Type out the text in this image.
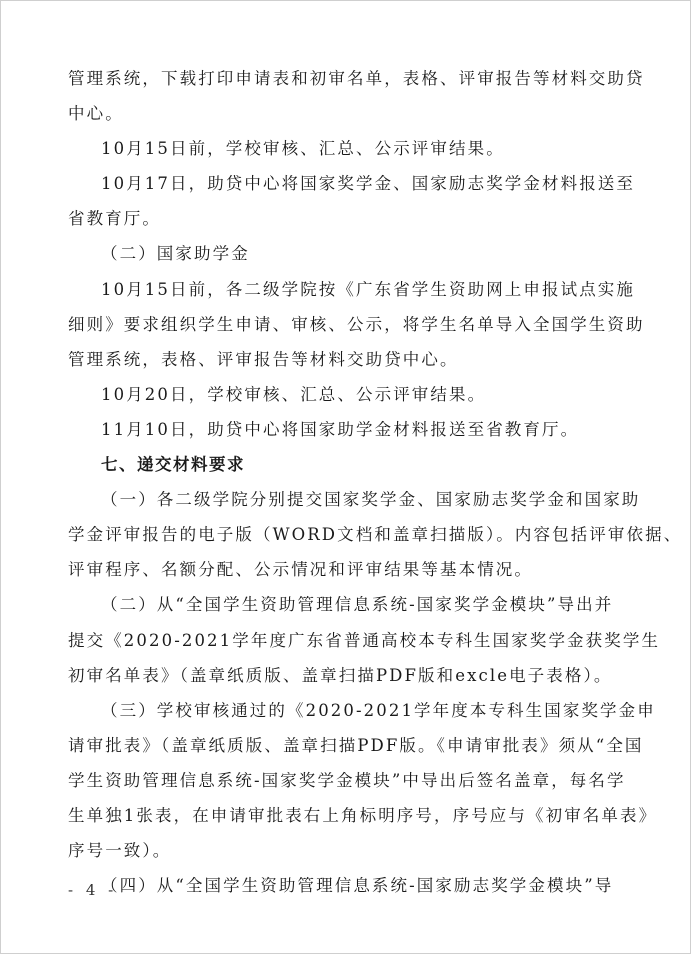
管理系统，下载打印申请表和初审名单，表格、评审报告等材料交助贷
中心。
10月15日前，学校审核、汇总、公示评审结果。
10月17日，助贷中心将国家奖学金、国家励志奖学金材料报送至
省教育厅。
（二）国家助学金
10月15日前，各二级学院按《广东省学生资助网上申报试点实施
细则》要求组织学生申请、审核、公示，将学生名单导入全国学生资助
管理系统，表格、评审报告等材料交助贷中心。
10月20日，学校审核、汇总、公示评审结果。
11月10日，助贷中心将国家助学金材料报送至省教育厅。
七、递交材料要求
（一）各二级学院分别提交国家奖学金、国家励志奖学金和国家助
学金评审报告的电子版（WORD文档和盖章扫描版）。内容包括评审依据、
评审程序、名额分配、公示情况和评审结果等基本情况。
（二）从“全国学生资助管理信息系统-国家奖学金模块”导出并
提交《2020-2021学年度广东省普通高校本专科生国家奖学金获奖学生
初审名单表》（盖章纸质版、盖章扫描PDF版和excle电子表格）。
（三）学校审核通过的《2020-2021学年度本专科生国家奖学金申
请审批表》（盖章纸质版、盖章扫描PDF版。《申请审批表》须从“全国
学生资助管理信息系统-国家奖学金模块”中导出后签名盖章，每名学
生单独1张表，在申请审批表右上角标明序号，序号应与《初审名单表》
序号一致）。
（四）从“全国学生资助管理信息系统-国家励志奖学金模块”导
- 4 -
